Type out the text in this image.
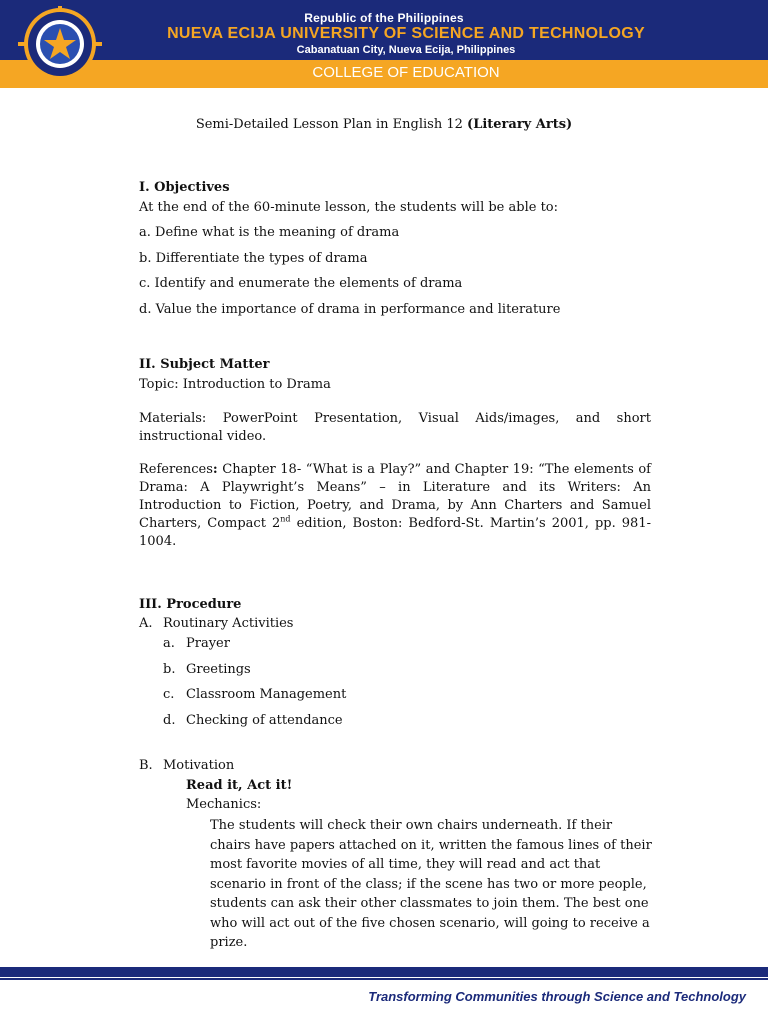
Republic of the Philippines
NUEVA ECIJA UNIVERSITY OF SCIENCE AND TECHNOLOGY
Cabanatuan City, Nueva Ecija, Philippines
COLLEGE OF EDUCATION
Semi-Detailed Lesson Plan in English 12 (Literary Arts)
I. Objectives
At the end of the 60-minute lesson, the students will be able to:
a. Define what is the meaning of drama
b. Differentiate the types of drama
c. Identify and enumerate the elements of drama
d. Value the importance of drama in performance and literature
II. Subject Matter
Topic: Introduction to Drama
Materials: PowerPoint Presentation, Visual Aids/images, and short instructional video.
References: Chapter 18- “What is a Play?” and Chapter 19: “The elements of Drama: A Playwright’s Means” – in Literature and its Writers: An Introduction to Fiction, Poetry, and Drama, by Ann Charters and Samuel Charters, Compact 2nd edition, Boston: Bedford-St. Martin’s 2001, pp. 981-1004.
III. Procedure
A. Routinary Activities
a. Prayer
b. Greetings
c. Classroom Management
d. Checking of attendance
B. Motivation
Read it, Act it!
Mechanics:
The students will check their own chairs underneath. If their chairs have papers attached on it, written the famous lines of their most favorite movies of all time, they will read and act that scenario in front of the class; if the scene has two or more people, students can ask their other classmates to join them. The best one who will act out of the five chosen scenario, will going to receive a prize.
Transforming Communities through Science and Technology
